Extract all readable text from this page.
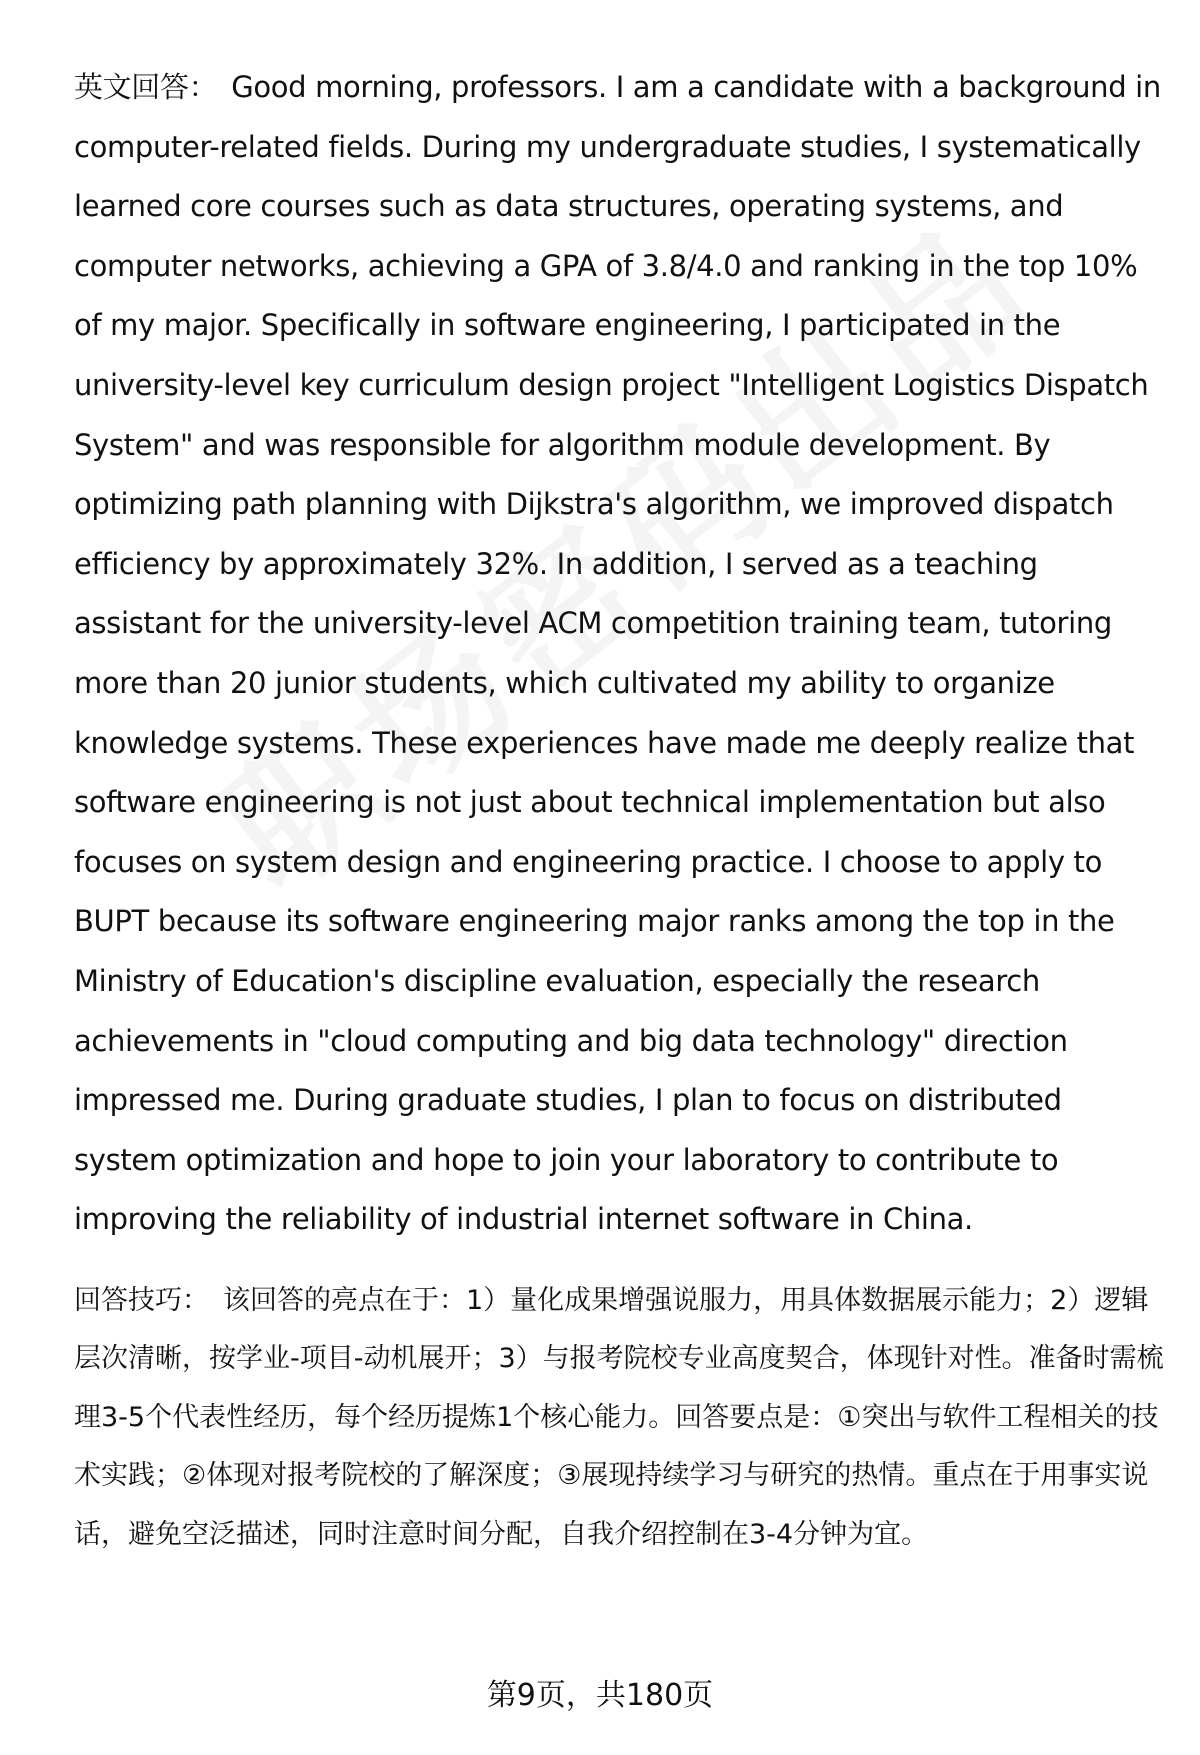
英文回答： Good morning, professors. I am a candidate with a background in computer-related fields. During my undergraduate studies, I systematically learned core courses such as data structures, operating systems, and computer networks, achieving a GPA of 3.8/4.0 and ranking in the top 10% of my major. Specifically in software engineering, I participated in the university-level key curriculum design project "Intelligent Logistics Dispatch System" and was responsible for algorithm module development. By optimizing path planning with Dijkstra's algorithm, we improved dispatch efficiency by approximately 32%. In addition, I served as a teaching assistant for the university-level ACM competition training team, tutoring more than 20 junior students, which cultivated my ability to organize knowledge systems. These experiences have made me deeply realize that software engineering is not just about technical implementation but also focuses on system design and engineering practice. I choose to apply to BUPT because its software engineering major ranks among the top in the Ministry of Education's discipline evaluation, especially the research achievements in "cloud computing and big data technology" direction impressed me. During graduate studies, I plan to focus on distributed system optimization and hope to join your laboratory to contribute to improving the reliability of industrial internet software in China.

回答技巧： 该回答的亮点在于：1）量化成果增强说服力，用具体数据展示能力；2）逻辑层次清晰，按学业-项目-动机展开；3）与报考院校专业高度契合，体现针对性。准备时需梳理3-5个代表性经历，每个经历提炼1个核心能力。回答要点是：①突出与软件工程相关的技术实践；②体现对报考院校的了解深度；③展现持续学习与研究的热情。重点在于用事实说话，避免空泛描述，同时注意时间分配，自我介绍控制在3-4分钟为宜。

第9页，共180页
